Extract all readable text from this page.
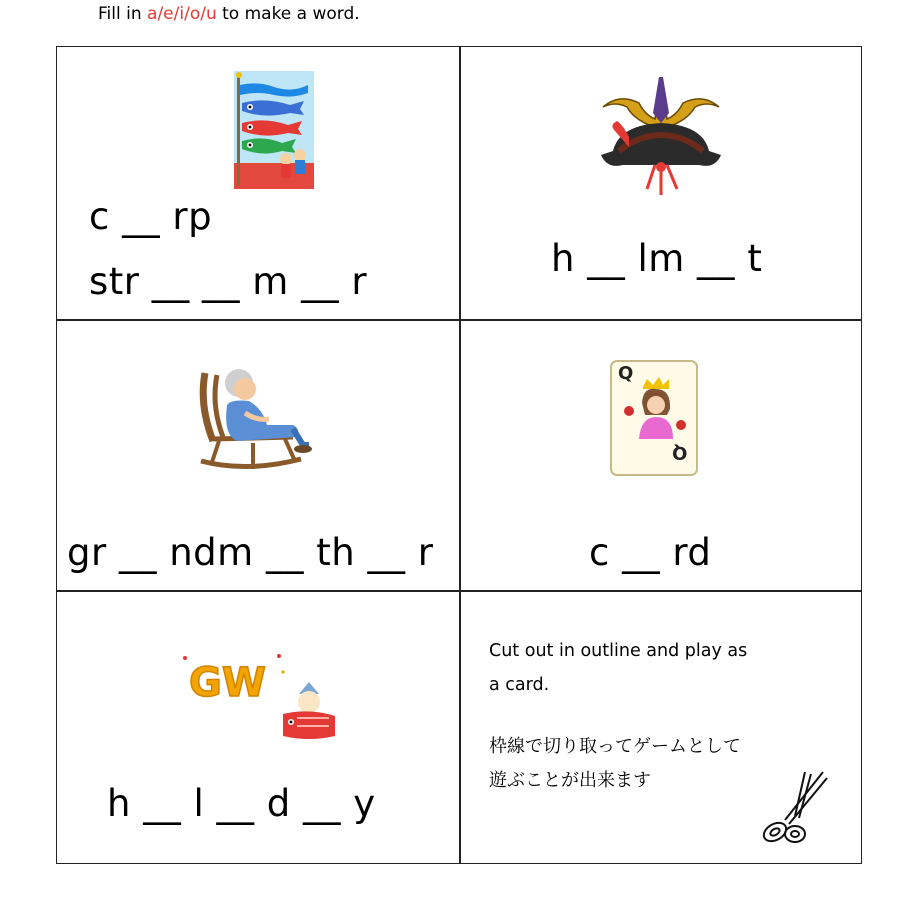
Fill in a/e/i/o/u to make a word.
c __ rp
str __ __ m __ r
h __ lm __ t
gr __ ndm __ th __ r
Q
Q
c __ rd
GW
h __ l __ d __ y
Cut out in outline and play as
a card.
枠線で切り取ってゲームとして
遊ぶことが出来ます
